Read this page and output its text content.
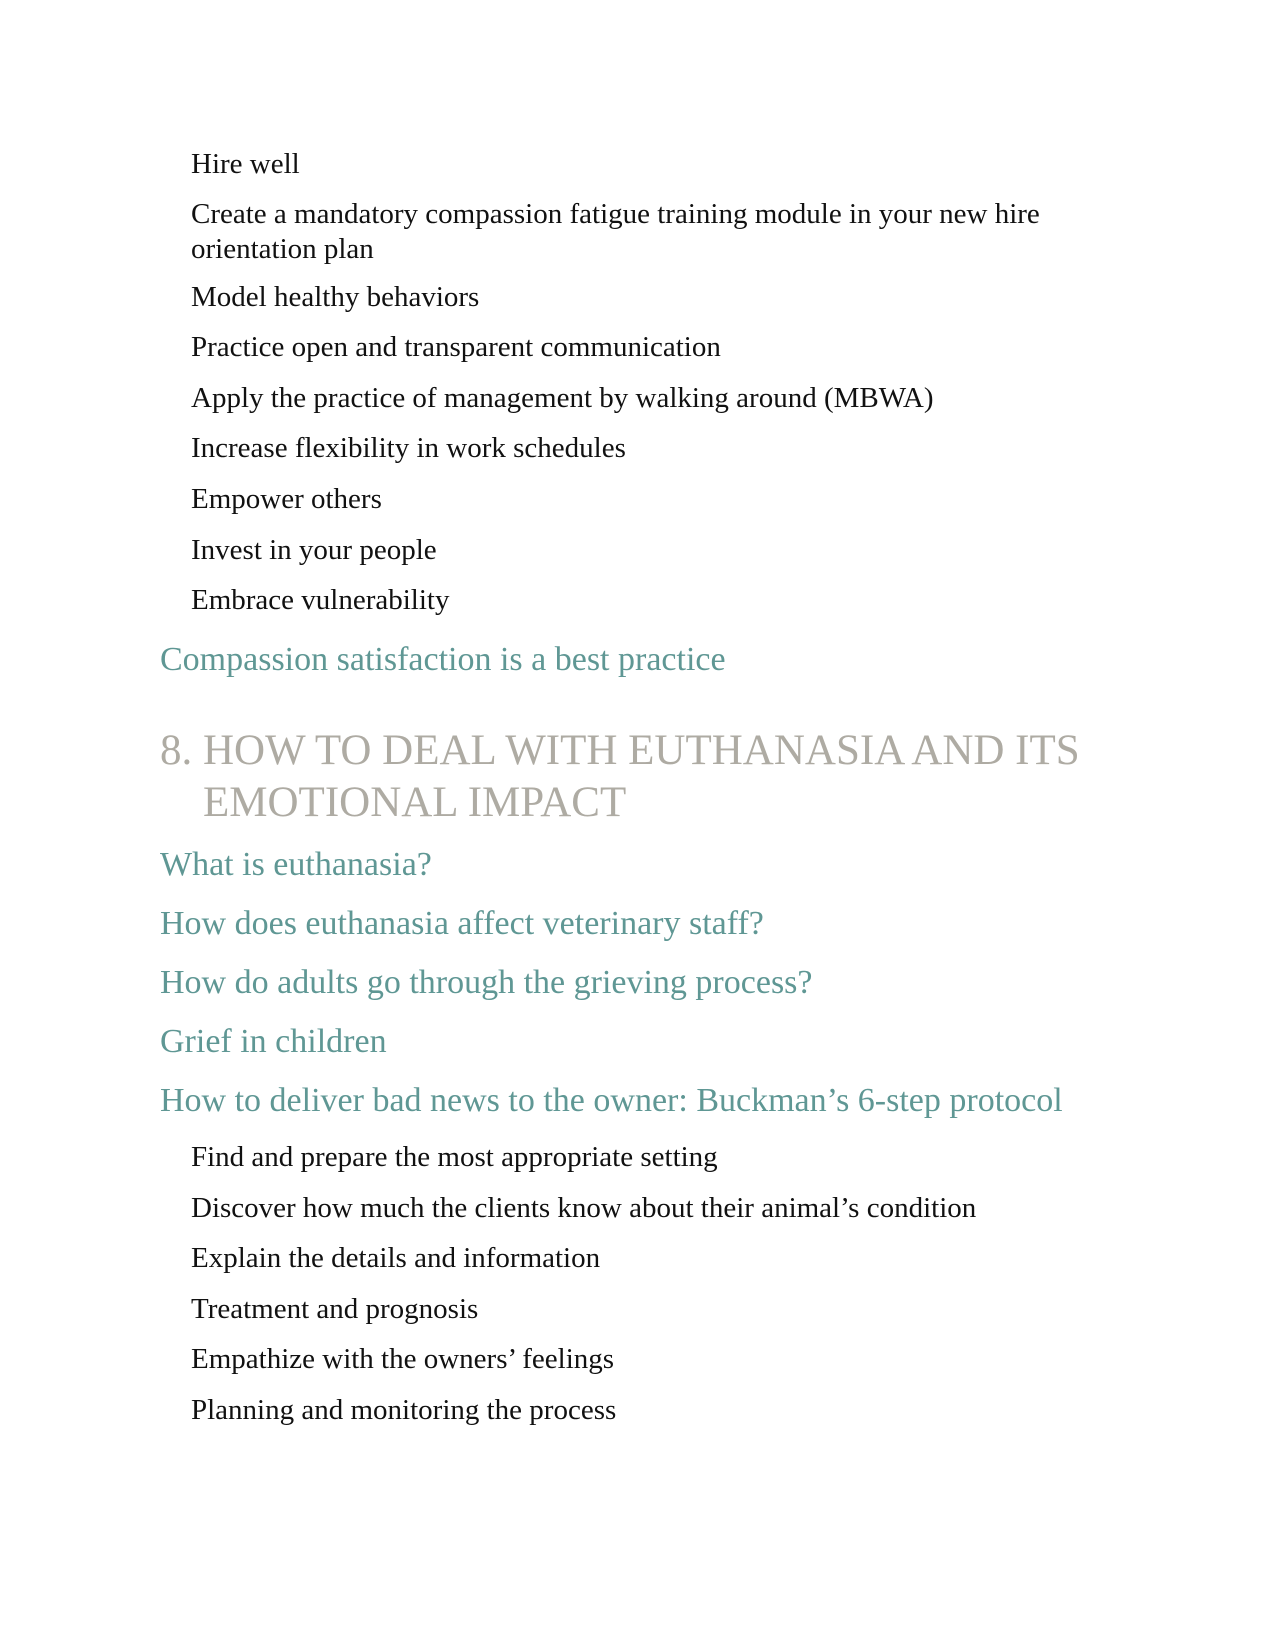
Hire well
Create a mandatory compassion fatigue training module in your new hire orientation plan
Model healthy behaviors
Practice open and transparent communication
Apply the practice of management by walking around (MBWA)
Increase flexibility in work schedules
Empower others
Invest in your people
Embrace vulnerability
Compassion satisfaction is a best practice
8. HOW TO DEAL WITH EUTHANASIA AND ITS EMOTIONAL IMPACT
What is euthanasia?
How does euthanasia affect veterinary staff?
How do adults go through the grieving process?
Grief in children
How to deliver bad news to the owner: Buckman’s 6-step protocol
Find and prepare the most appropriate setting
Discover how much the clients know about their animal’s condition
Explain the details and information
Treatment and prognosis
Empathize with the owners’ feelings
Planning and monitoring the process
